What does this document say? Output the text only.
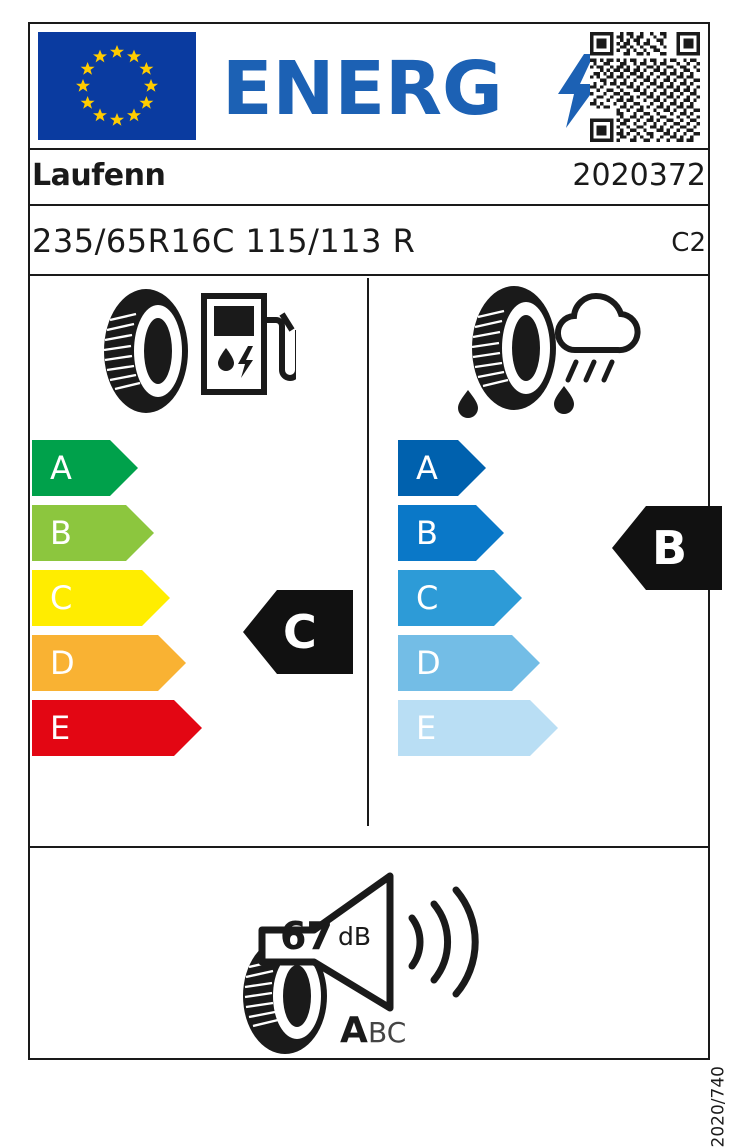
ENERG
Laufenn	2020372
235/65R16C 115/113 R	C2
A
B
C
D
E
C
A
B
C
D
E
B
67 dB
A BC
2020/740
